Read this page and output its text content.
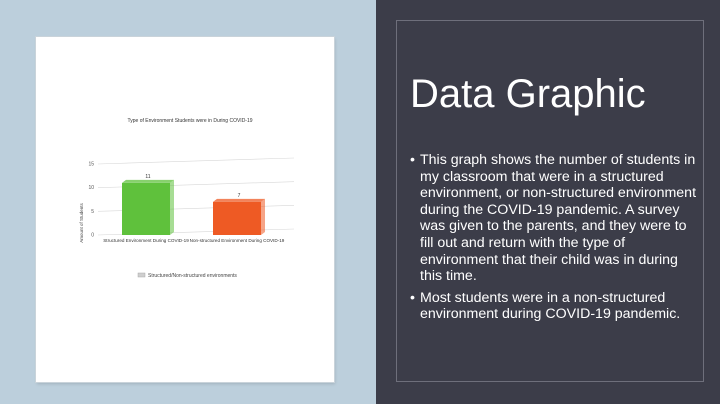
Type of Environment Students were in During COVID-19
15
10
5
0
Amount of Students
11
7
Structured Environment During COVID-19 Non-structured Environment During COVID-19
Structured/Non-structured environments
Data Graphic
• This graph shows the number of students in my classroom that were in a structured environment, or non-structured environment during the COVID-19 pandemic. A survey was given to the parents, and they were to fill out and return with the type of environment that their child was in during this time.
• Most students were in a non-structured environment during COVID-19 pandemic.
